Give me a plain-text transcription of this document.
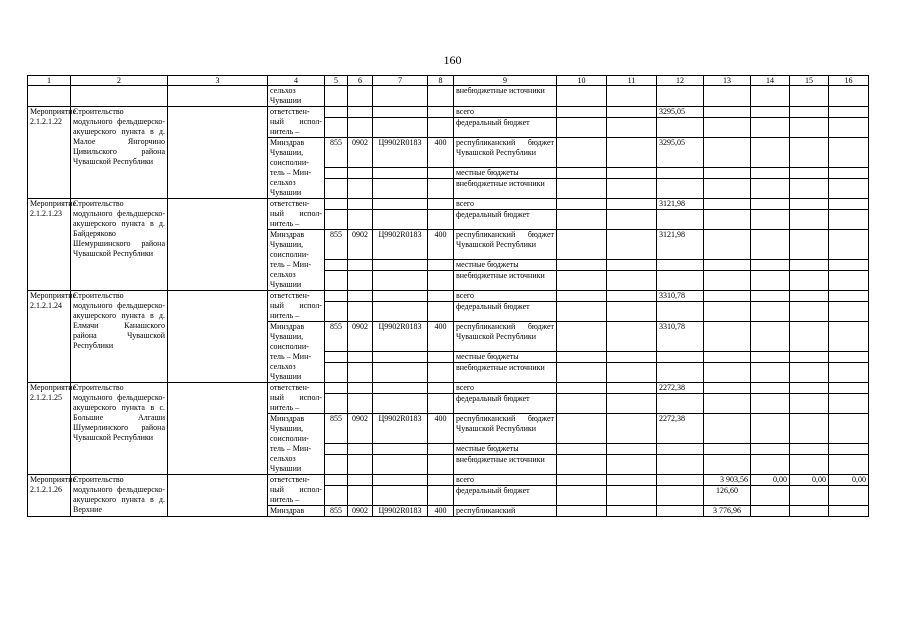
160
1	2	3	4	5	6	7	8	9	10	11	12	13	14	15	16
			сельхоз Чувашии					внебюджетные источники							
Мероприятие 2.1.2.1.22	Строительство модульного фельдшерско-акушерского пункта в д. Малое Янгорчино Цивильского района Чувашской Республики		ответствен-ный испол-нитель –					всего			3295,05				
								федеральный бюджет							
			Минздрав Чувашии, соисполни-тель – Мин-сельхоз Чувашии	855	0902	Ц9902R0183	400	республиканский бюджет Чувашской Республики			3295,05				
								местные бюджеты							
								внебюджетные источники							
Мероприятие 2.1.2.1.23	Строительство модульного фельдшерско-акушерского пункта в д. Байдеряково Шемуршинского района Чувашской Республики		ответствен-ный испол-нитель –					всего			3121,98				
								федеральный бюджет							
			Минздрав Чувашии, соисполни-тель – Мин-сельхоз Чувашии	855	0902	Ц9902R0183	400	республиканский бюджет Чувашской Республики			3121,98				
								местные бюджеты							
								внебюджетные источники							
Мероприятие 2.1.2.1.24	Строительство модульного фельдшерско-акушерского пункта в д. Елмачи Канашского района Чувашской Республики		ответствен-ный испол-нитель –					всего			3310,78				
								федеральный бюджет							
			Минздрав Чувашии, соисполни-тель – Мин-сельхоз Чувашии	855	0902	Ц9902R0183	400	республиканский бюджет Чувашской Республики			3310,78				
								местные бюджеты							
								внебюджетные источники							
Мероприятие 2.1.2.1.25	Строительство модульного фельдшерско-акушерского пункта в с. Большие Алгаши Шумерлинского района Чувашской Республики		ответствен-ный испол-нитель –					всего			2272,38				
								федеральный бюджет							
			Минздрав Чувашии, соисполни-тель – Мин-сельхоз Чувашии	855	0902	Ц9902R0183	400	республиканский бюджет Чувашской Республики			2272,38				
								местные бюджеты							
								внебюджетные источники							
Мероприятие 2.1.2.1.26	Строительство модульного фельдшерско-акушерского пункта в д. Верхние		ответствен-ный испол-нитель –					всего				3 903,56	0,00	0,00	0,00
								федеральный бюджет				126,60			
			Минздрав	855	0902	Ц9902R0183	400	республиканский				3 776,96			
